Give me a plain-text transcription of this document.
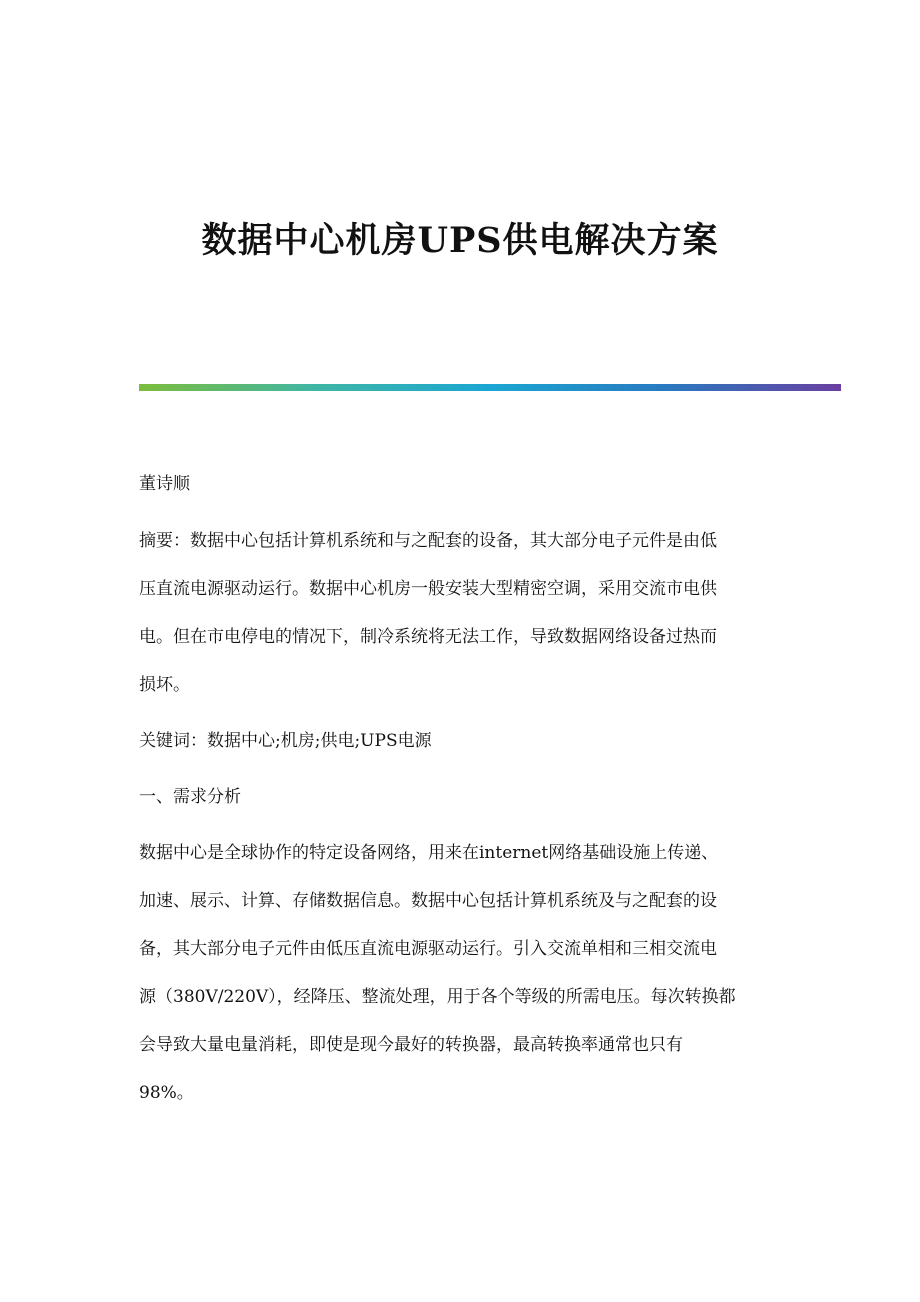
数据中心机房UPS供电解决方案

董诗顺

摘要：数据中心包括计算机系统和与之配套的设备，其大部分电子元件是由低

压直流电源驱动运行。数据中心机房一般安装大型精密空调，采用交流市电供

电。但在市电停电的情况下，制冷系统将无法工作，导致数据网络设备过热而

损坏。

关键词：数据中心;机房;供电;UPS电源

一、需求分析

数据中心是全球协作的特定设备网络，用来在internet网络基础设施上传递、

加速、展示、计算、存储数据信息。数据中心包括计算机系统及与之配套的设

备，其大部分电子元件由低压直流电源驱动运行。引入交流单相和三相交流电

源（380V/220V），经降压、整流处理，用于各个等级的所需电压。每次转换都

会导致大量电量消耗，即使是现今最好的转换器，最高转换率通常也只有

98%。
